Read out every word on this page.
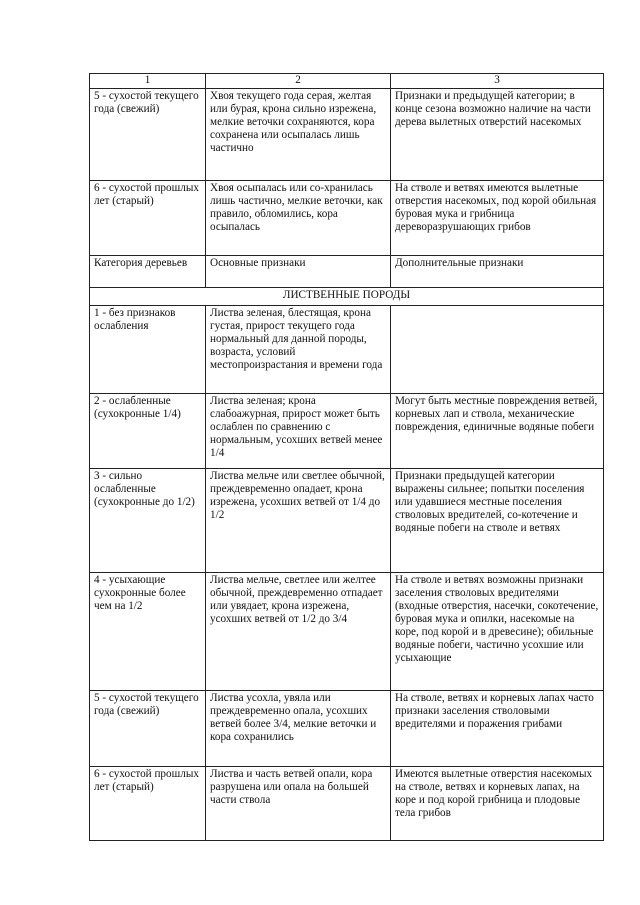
1	2	3
5 - сухостой текущего года (свежий)	Хвоя текущего года серая, желтая или бурая, крона сильно изрежена, мелкие веточки сохраняются, кора сохранена или осыпалась лишь частично	Признаки и предыдущей категории; в конце сезона возможно наличие на части дерева вылетных отверстий насекомых
6 - сухостой прошлых лет (старый)	Хвоя осыпалась или со-хранилась лишь частично, мелкие веточки, как правило, обломились, кора осыпалась	На стволе и ветвях имеются вылетные отверстия насекомых, под корой обильная буровая мука и грибница дереворазрушающих грибов
Категория деревьев	Основные признаки	Дополнительные признаки
ЛИСТВЕННЫЕ ПОРОДЫ		
1 - без признаков ослабления	Листва зеленая, блестящая, крона густая, прирост текущего года нормальный для данной породы, возраста, условий местопроизрастания и времени года	
2 - ослабленные (сухокронные 1/4)	Листва зеленая; крона слабоажурная, прирост может быть ослаблен по сравнению с нормальным, усохших ветвей менее 1/4	Могут быть местные повреждения ветвей, корневых лап и ствола, механические повреждения, единичные водяные побеги
3 - сильно ослабленные (сухокронные до 1/2)	Листва мельче или светлее обычной, преждевременно опадает, крона изрежена, усохших ветвей от 1/4 до 1/2	Признаки предыдущей категории выражены сильнее; попытки поселения или удавшиеся местные поселения стволовых вредителей, со-котечение и водяные побеги на стволе и ветвях
4 - усыхающие сухокронные более чем на 1/2	Листва мельче, светлее или желтее обычной, преждевременно отпадает или увядает, крона изрежена, усохших ветвей от 1/2 до 3/4	На стволе и ветвях возможны признаки заселения стволовых вредителями (входные отверстия, насечки, сокотечение, буровая мука и опилки, насекомые на коре, под корой и в древесине); обильные водяные побеги, частично усохшие или усыхающие
5 - сухостой текущего года (свежий)	Листва усохла, увяла или преждевременно опала, усохших ветвей более 3/4, мелкие веточки и кора сохранились	На стволе, ветвях и корневых лапах часто признаки заселения стволовыми вредителями и поражения грибами
6 - сухостой прошлых лет (старый)	Листва и часть ветвей опали, кора разрушена или опала на большей части ствола	Имеются вылетные отверстия насекомых на стволе, ветвях и корневых лапах, на коре и под корой грибница и плодовые тела грибов
